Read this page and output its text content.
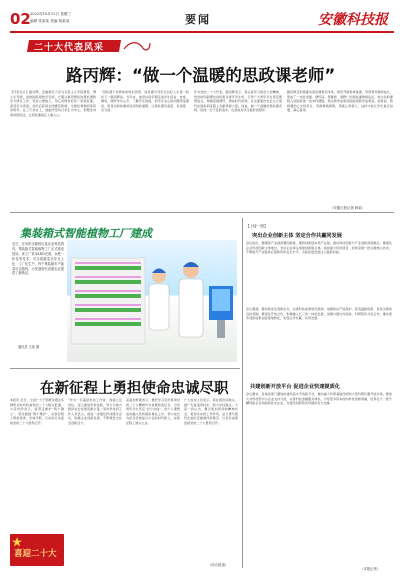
02 2022年10月12日 星期三
编辑 张某某 美编 杨某某	要闻	安徽科技报
二十大代表风采
路丙辉：“做一个温暖的思政课老师”
【代表名片】路丙辉，安徽师范大学马克思主义学院教授、博士生导师，首批国家级教学名师，长期从事思想政治理论课教学与研究工作，坚持立德树人，用心用情讲好每一堂思政课，深受学生喜爱。他先后获得全国模范教师、全国优秀教师等荣誉称号。在三尺讲台上，他始终坚持以学生为中心，把理论讲深讲透讲活，让思政课真正入脑入心。
“思政课不是简单的知识传授，而是要引导学生扣好人生第一粒扣子。”路丙辉说。多年来，他坚持每学期走进学生宿舍、食堂、操场，倾听学生心声，了解学生困惑，把学生关心的问题带进课堂，用身边的故事讲述深刻的道理，让思政课有温度、有深度、有力度。
作为党的二十大代表，路丙辉表示，将认真学习领会大会精神，把党的创新理论讲给更多青年学生听，引导广大青年学生坚定理想信念，厚植爱国情怀，勇担时代使命，在全面建设社会主义现代化国家新征程上贡献青春力量。他说，做一个温暖的思政课老师，是他一生不变的追求，也是他对学生最好的陪伴。
路丙辉还积极推动思政课教学改革，组织开展集体备课，带领青年教师成长，形成了一支政治强、情怀深、思维新、视野广的思政课教师队伍。他主持的课程入选国家级一流本科课程，相关教学成果获国家级教学成果奖。他常说，教师要把心交给学生，用真情换真情，用真心育新人，这样才能让学生真正信服、真心喜欢。
（安徽日报记者 韩某）
集装箱式智能植物工厂建成
近日，在阜阳市颍州区某农业科技园内，集装箱式智能植物工厂正式建成投用。该工厂采用LED光源、水肥一体化等技术，可实现蔬菜全年无土化、工厂化生产，每个集装箱年产蔬菜可达数吨，为发展现代设施农业提供了新路径。
通讯员 王某 摄
【上接一版】
突出企业创新主体 坚定合作共赢同发展
会议指出，要围绕产业链部署创新链，围绕创新链布局产业链，推动科技创新与产业创新深度融合。要强化企业科技创新主体地位，支持企业牵头组建创新联合体，承担重大科技项目，加快突破一批关键核心技术，不断提升产业链供应链韧性和安全水平，为高质量发展注入强劲动能。
会议强调，要持续优化创新生态，完善科技成果转化机制，加强知识产权保护，营造鼓励创新、宽容失败的良好氛围。要深化开放合作，积极融入长三角一体化发展，加强与国内外高校、科研院所交流合作，推动更多创新成果在皖落地转化，实现合作共赢、共同发展。
共建创新开放平台 促进企业快速提质化
会议要求，各地各部门要加快建设高水平创新平台，推动重大科研基础设施和大型科研仪器开放共享。要加大对科技型中小企业支持力度，完善科技金融服务体系，引导更多资本投向科技创新领域，培育壮大一批专精特新企业和高新技术企业，为建设创新型省份提供有力支撑。
（本报记者）
在新征程上勇担使命忠诚尽职
本报讯 近日，全省广大干部群众通过多种形式收听收看党的二十大相关报道，大家纷纷表示，将坚定拥护“两个确立”、坚决做到“两个维护”，在新征程上勇担使命、忠诚尽职，以实际行动迎接党的二十大胜利召开。
“作为一名基层科技工作者，我将立足岗位，深入推进科技创新，努力为地方经济社会发展贡献力量。”某市科技局工作人员表示，将进一步强化科技服务意识，助推企业创新发展，不断激发全社会创新活力。
某高校教师表示，要把学习宣传贯彻党的二十大精神作为首要政治任务，引导青年学生坚定“四个自信”，把个人理想追求融入党和国家事业之中，努力成长为担当民族复兴大任的时代新人，在新征程上建功立业。
广大农技人员表示，将扎根田间地头，推广先进适用技术，助力乡村振兴。大家一致认为，要以更加昂扬的精神状态、更加务实的工作作风，奋力谱写现代化美好安徽建设新篇章，以优异成绩迎接党的二十大胜利召开。
（综合报道）
喜迎二十大
